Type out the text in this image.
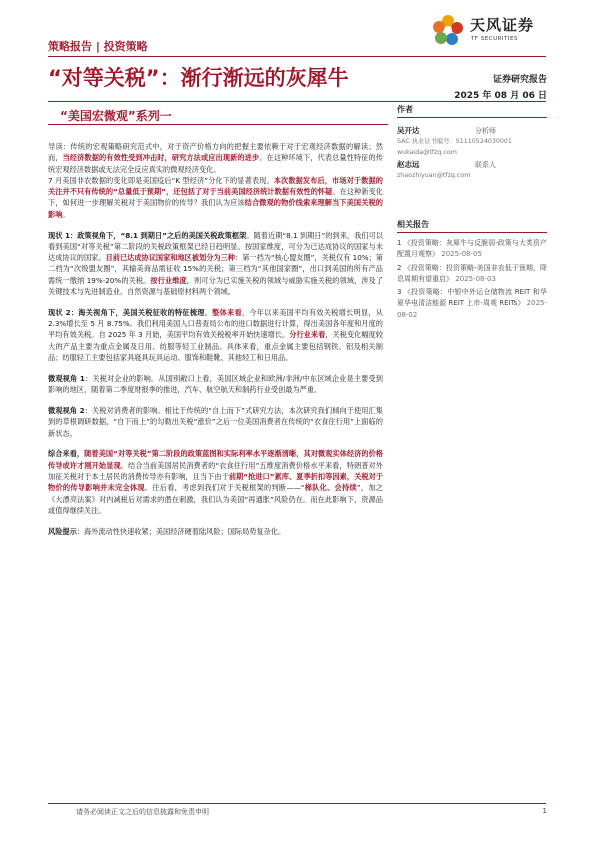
天风证券
TF SECURITIES
策略报告 | 投资策略
“对等关税”：渐行渐远的灰犀牛	证券研究报告
2025 年 08 月 06 日
“美国宏微观”系列一

导读：传统的宏观策略研究范式中，对于资产价格方向的把握主要依赖于对于宏观经济数据的解读；然而，当经济数据的有效性受到冲击时，研究方法或应出现新的进步。在这种环境下，代表总量性特征的传统宏观经济数据或无法完全反应真实的微观经济变化。
7 月美国非农数据的变化即是美国疫后“K 型经济”分化下的显著表现。本次数据发布后，市场对于数据的关注并不只有传统的“总量低于预期”，还包括了对于当前美国经济统计数据有效性的怀疑。在这种新变化下，如何进一步理解关税对于美国物价的传导？我们认为应该结合微观的物价线索来理解当下美国关税的影响。

现状 1：政策视角下，“8.1 到期日”之后的美国关税政策框架。随着近期“8.1 到期日”的到来，我们可以看到美国“对等关税”第二阶段的关税政策框架已经日趋明显。按国家维度，可分为已达成协议的国家与未达成协议的国家。目前已达成协议国家和地区被划分为三种：第一档为“核心盟友圈”，关税仅有 10%；第二档为“次级盟友圈”，其输美商品需征收 15%的关税；第三档为“其他国家圈”，出口到美国的所有产品需统一缴纳 19%-20%的关税。按行业维度，则可分为已实施关税的领域与威胁实施关税的领域，涉及了关键技术与先进制造业、自然资源与基础原材料两个领域。

现状 2：海关视角下，美国关税征收的特征梳理。整体来看，今年以来美国平均有效关税增长明显，从 2.3%增长至 5 月 8.75%。我们利用美国人口普查局公布的进口数据进行计算，得出美国各年度和月度的平均有效关税。自 2025 年 3 月始，美国平均有效关税税率开始快速增长。分行业来看，关税变化幅度较大的产品主要为重点金属及日用、纺服等轻工业制品。具体来看，重点金属主要包括钢铁、铝及相关制品；纺服轻工主要包括家具寝具玩具运动、服饰和鞋靴、其他轻工和日用品。

微观视角 1：关税对企业的影响。从国别敞口上看，美国区域企业和欧洲/非洲/中东区域企业是主要受到影响的地区，随着第二季度财报季的推进，汽车、航空航天和制药行业受创最为严重。

微观视角 2：关税对消费者的影响。相比于传统的“自上而下”式研究方法，本次研究我们倾向于使用汇集到的草根调研数据，“自下而上”的勾勒出关税“涨价”之后一位美国消费者在传统的“衣食住行用”上面临的新状态。

综合来看，随着美国“对等关税”第二阶段的政策蓝图和实际利率水平逐渐清晰，其对微观实体经济的价格传导或许才刚开始显现。结合当前美国居民消费者的“衣食住行用”五维度消费价格水平来看，特朗普对外加征关税对于本土居民的消费传导亦有影响，且当下由于前期“抢进口”累库、夏季折扣等因素，关税对于物价的传导影响并未完全体现。往后看，考虑到我们对于关税框架的判断——“梯队化、会持续”，加之《大漂亮法案》对内减税后对需求的潜在刺激，我们认为美国“再通胀”风险仍在。而在此影响下，资源品或值得继续关注。

风险提示：海外流动性快速收紧；美国经济硬着陆风险；国际局势复杂化。

作者
吴开达	分析师
SAC 执业证书编号：S1110524030001
wukaida@tfzq.com
赵志远	联系人
zhaozhiyuan@tfzq.com
相关报告
1 《投资策略：灰犀牛与反脆弱-政策与大类资产配置月观察》 2025-08-05
2 《投资策略：投资策略-美国非农低于预期，降息周期有望重启》 2025-08-03
3 《投资策略：中银中外运仓储物流 REIT 和华夏华电清洁能源 REIT 上市-周观 REITs》 2025-08-02
请务必阅读正文之后的信息披露和免责申明	1
